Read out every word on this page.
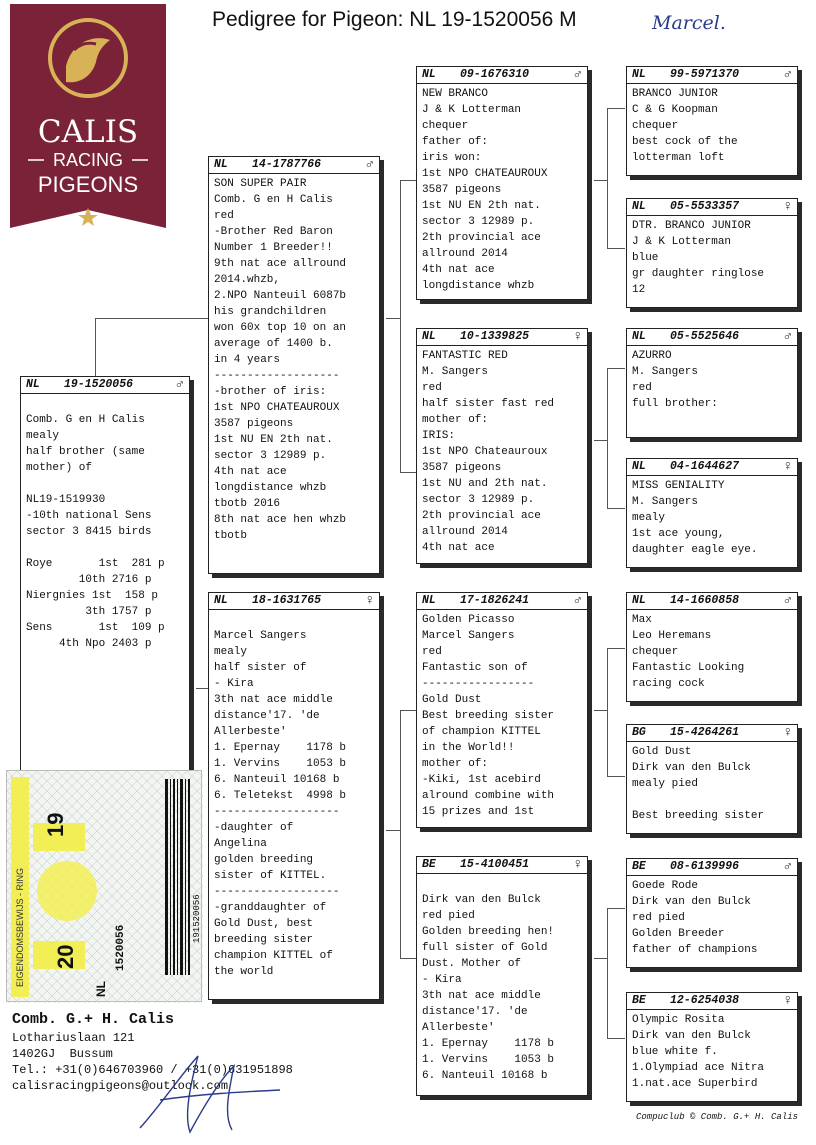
Pedigree for Pigeon: NL 19-1520056 M	Marcel.
CALIS
RACING
PIGEONS
NL	19-1520056	♂
Comb. G en H Calis
mealy
half brother (same
mother) of
NL19-1519930
-10th national Sens
sector 3 8415 birds
Roye       1st  281 p
10th 2716 p
Niergnies 1st  158 p
3th 1757 p
Sens       1st  109 p
4th Npo 2403 p
NL	14-1787766	♂
SON SUPER PAIR
Comb. G en H Calis
red
-Brother Red Baron
Number 1 Breeder!!
9th nat ace allround
2014.whzb,
2.NPO Nanteuil 6087b
his grandchildren
won 60x top 10 on an
average of 1400 b.
in 4 years
-------------------
-brother of iris:
1st NPO CHATEAUROUX
3587 pigeons
1st NU EN 2th nat.
sector 3 12989 p.
4th nat ace
longdistance whzb
tbotb 2016
8th nat ace hen whzb
tbotb
NL	18-1631765	♀
Marcel Sangers
mealy
half sister of
- Kira
3th nat ace middle
distance'17. 'de
Allerbeste'
1. Epernay    1178 b
1. Vervins    1053 b
6. Nanteuil 10168 b
6. Teletekst  4998 b
-------------------
-daughter of
Angelina
golden breeding
sister of KITTEL.
-------------------
-granddaughter of
Gold Dust, best
breeding sister
champion KITTEL of
the world
NL	09-1676310	♂
NEW BRANCO
J & K Lotterman
chequer
father of:
iris won:
1st NPO CHATEAUROUX
3587 pigeons
1st NU EN 2th nat.
sector 3 12989 p.
2th provincial ace
allround 2014
4th nat ace
longdistance whzb
NL	10-1339825	♀
FANTASTIC RED
M. Sangers
red
half sister fast red
mother of:
IRIS:
1st NPO Chateauroux
3587 pigeons
1st NU and 2th nat.
sector 3 12989 p.
2th provincial ace
allround 2014
4th nat ace
NL	17-1826241	♂
Golden Picasso
Marcel Sangers
red
Fantastic son of
-----------------
Gold Dust
Best breeding sister
of champion KITTEL
in the World!!
mother of:
-Kiki, 1st acebird
alround combine with
15 prizes and 1st
BE	15-4100451	♀
Dirk van den Bulck
red pied
Golden breeding hen!
full sister of Gold
Dust. Mother of
- Kira
3th nat ace middle
distance'17. 'de
Allerbeste'
1. Epernay    1178 b
1. Vervins    1053 b
6. Nanteuil 10168 b
NL	99-5971370	♂
BRANCO JUNIOR
C & G Koopman
chequer
best cock of the
lotterman loft
NL	05-5533357	♀
DTR. BRANCO JUNIOR
J & K Lotterman
blue
gr daughter ringlose
12
NL	05-5525646	♂
AZURRO
M. Sangers
red
full brother:
NL	04-1644627	♀
MISS GENIALITY
M. Sangers
mealy
1st ace young,
daughter eagle eye.
NL	14-1660858	♂
Max
Leo Heremans
chequer
Fantastic Looking
racing cock
BG	15-4264261	♀
Gold Dust
Dirk van den Bulck
mealy pied
Best breeding sister
BE	08-6139996	♂
Goede Rode
Dirk van den Bulck
red pied
Golden Breeder
father of champions
BE	12-6254038	♀
Olympic Rosita
Dirk van den Bulck
blue white f.
1.Olympiad ace Nitra
1.nat.ace Superbird
EIGENDOMSBEWIJS - RING
19
20
NL
1520056
191520056
Comb. G.+ H. Calis
Lothariuslaan 121
1402GJ  Bussum
Tel.: +31(0)646703960 / +31(0)631951898
calisracingpigeons@outlook.com
Compuclub © Comb. G.+ H. Calis
